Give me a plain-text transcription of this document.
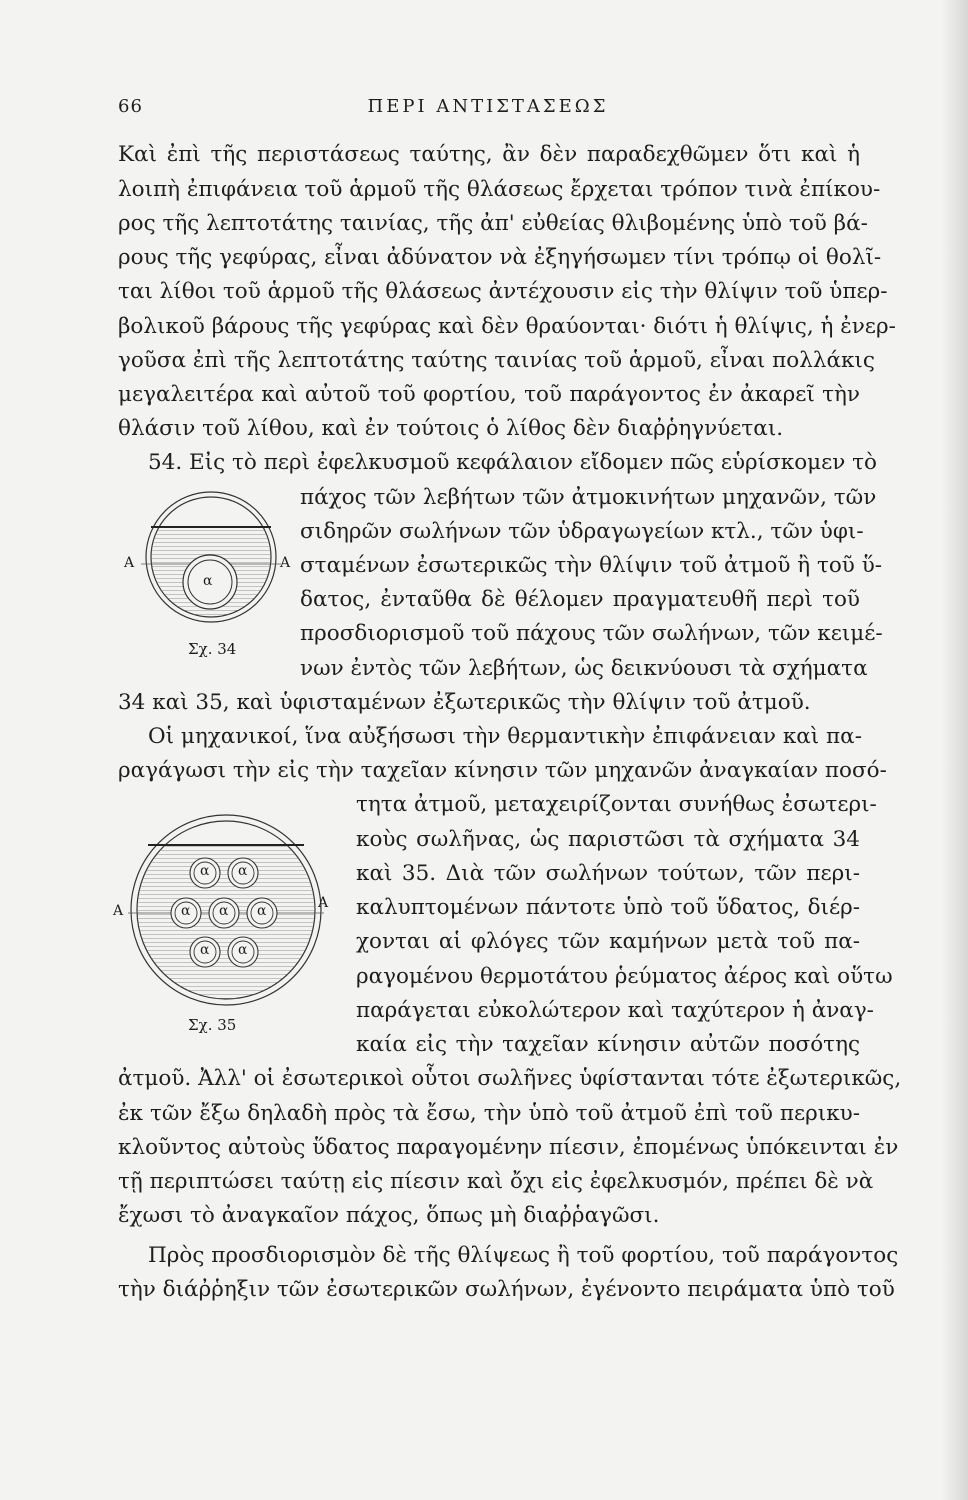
66	ΠΕΡΙ ΑΝΤΙΣΤΑΣΕΩΣ
Καὶ ἐπὶ τῆς περιστάσεως ταύτης, ἂν δὲν παραδεχθῶμεν ὅτι καὶ ἡ
λοιπὴ ἐπιφάνεια τοῦ ἁρμοῦ τῆς θλάσεως ἔρχεται τρόπον τινὰ ἐπίκου-
ρος τῆς λεπτοτάτης ταινίας, τῆς ἀπ' εὐθείας θλιβομένης ὑπὸ τοῦ βά-
ρους τῆς γεφύρας, εἶναι ἀδύνατον νὰ ἐξηγήσωμεν τίνι τρόπῳ οἱ θολῖ-
ται λίθοι τοῦ ἁρμοῦ τῆς θλάσεως ἀντέχουσιν εἰς τὴν θλίψιν τοῦ ὑπερ-
βολικοῦ βάρους τῆς γεφύρας καὶ δὲν θραύονται· διότι ἡ θλίψις, ἡ ἐνερ-
γοῦσα ἐπὶ τῆς λεπτοτάτης ταύτης ταινίας τοῦ ἁρμοῦ, εἶναι πολλάκις
μεγαλειτέρα καὶ αὐτοῦ τοῦ φορτίου, τοῦ παράγοντος ἐν ἀκαρεῖ τὴν
θλάσιν τοῦ λίθου, καὶ ἐν τούτοις ὁ λίθος δὲν διαῤῥηγνύεται.
54. Εἰς τὸ περὶ ἐφελκυσμοῦ κεφάλαιον εἴδομεν πῶς εὑρίσκομεν τὸ
πάχος τῶν λεβήτων τῶν ἀτμοκινήτων μηχανῶν, τῶν
σιδηρῶν σωλήνων τῶν ὑδραγωγείων κτλ., τῶν ὑφι-
σταμένων ἐσωτερικῶς τὴν θλίψιν τοῦ ἀτμοῦ ἢ τοῦ ὕ-
δατος, ἐνταῦθα δὲ θέλομεν πραγματευθῆ περὶ τοῦ
προσδιορισμοῦ τοῦ πάχους τῶν σωλήνων, τῶν κειμέ-
νων ἐντὸς τῶν λεβήτων, ὡς δεικνύουσι τὰ σχήματα
34 καὶ 35, καὶ ὑφισταμένων ἐξωτερικῶς τὴν θλίψιν τοῦ ἀτμοῦ.
A	A
α
Σχ. 34
Οἱ μηχανικοί, ἵνα αὐξήσωσι τὴν θερμαντικὴν ἐπιφάνειαν καὶ πα-
ραγάγωσι τὴν εἰς τὴν ταχεῖαν κίνησιν τῶν μηχανῶν ἀναγκαίαν ποσό-
τητα ἀτμοῦ, μεταχειρίζονται συνήθως ἐσωτερι-
κοὺς σωλῆνας, ὡς παριστῶσι τὰ σχήματα 34
καὶ 35. Διὰ τῶν σωλήνων τούτων, τῶν περι-
καλυπτομένων πάντοτε ὑπὸ τοῦ ὕδατος, διέρ-
χονται αἱ φλόγες τῶν καμήνων μετὰ τοῦ πα-
ραγομένου θερμοτάτου ῥεύματος ἀέρος καὶ οὕτω
παράγεται εὐκολώτερον καὶ ταχύτερον ἡ ἀναγ-
καία εἰς τὴν ταχεῖαν κίνησιν αὐτῶν ποσότης
ἀτμοῦ. Ἀλλ' οἱ ἐσωτερικοὶ οὗτοι σωλῆνες ὑφίστανται τότε ἐξωτερικῶς,
ἐκ τῶν ἔξω δηλαδὴ πρὸς τὰ ἔσω, τὴν ὑπὸ τοῦ ἀτμοῦ ἐπὶ τοῦ περικυ-
κλοῦντος αὐτοὺς ὕδατος παραγομένην πίεσιν, ἐπομένως ὑπόκεινται ἐν
τῇ περιπτώσει ταύτῃ εἰς πίεσιν καὶ ὄχι εἰς ἐφελκυσμόν, πρέπει δὲ νὰ
ἔχωσι τὸ ἀναγκαῖον πάχος, ὅπως μὴ διαῤῥαγῶσι.
A	A
α α
α α α
α α
Σχ. 35
Πρὸς προσδιορισμὸν δὲ τῆς θλίψεως ἢ τοῦ φορτίου, τοῦ παράγοντος
τὴν διάῤῥηξιν τῶν ἐσωτερικῶν σωλήνων, ἐγένοντο πειράματα ὑπὸ τοῦ
